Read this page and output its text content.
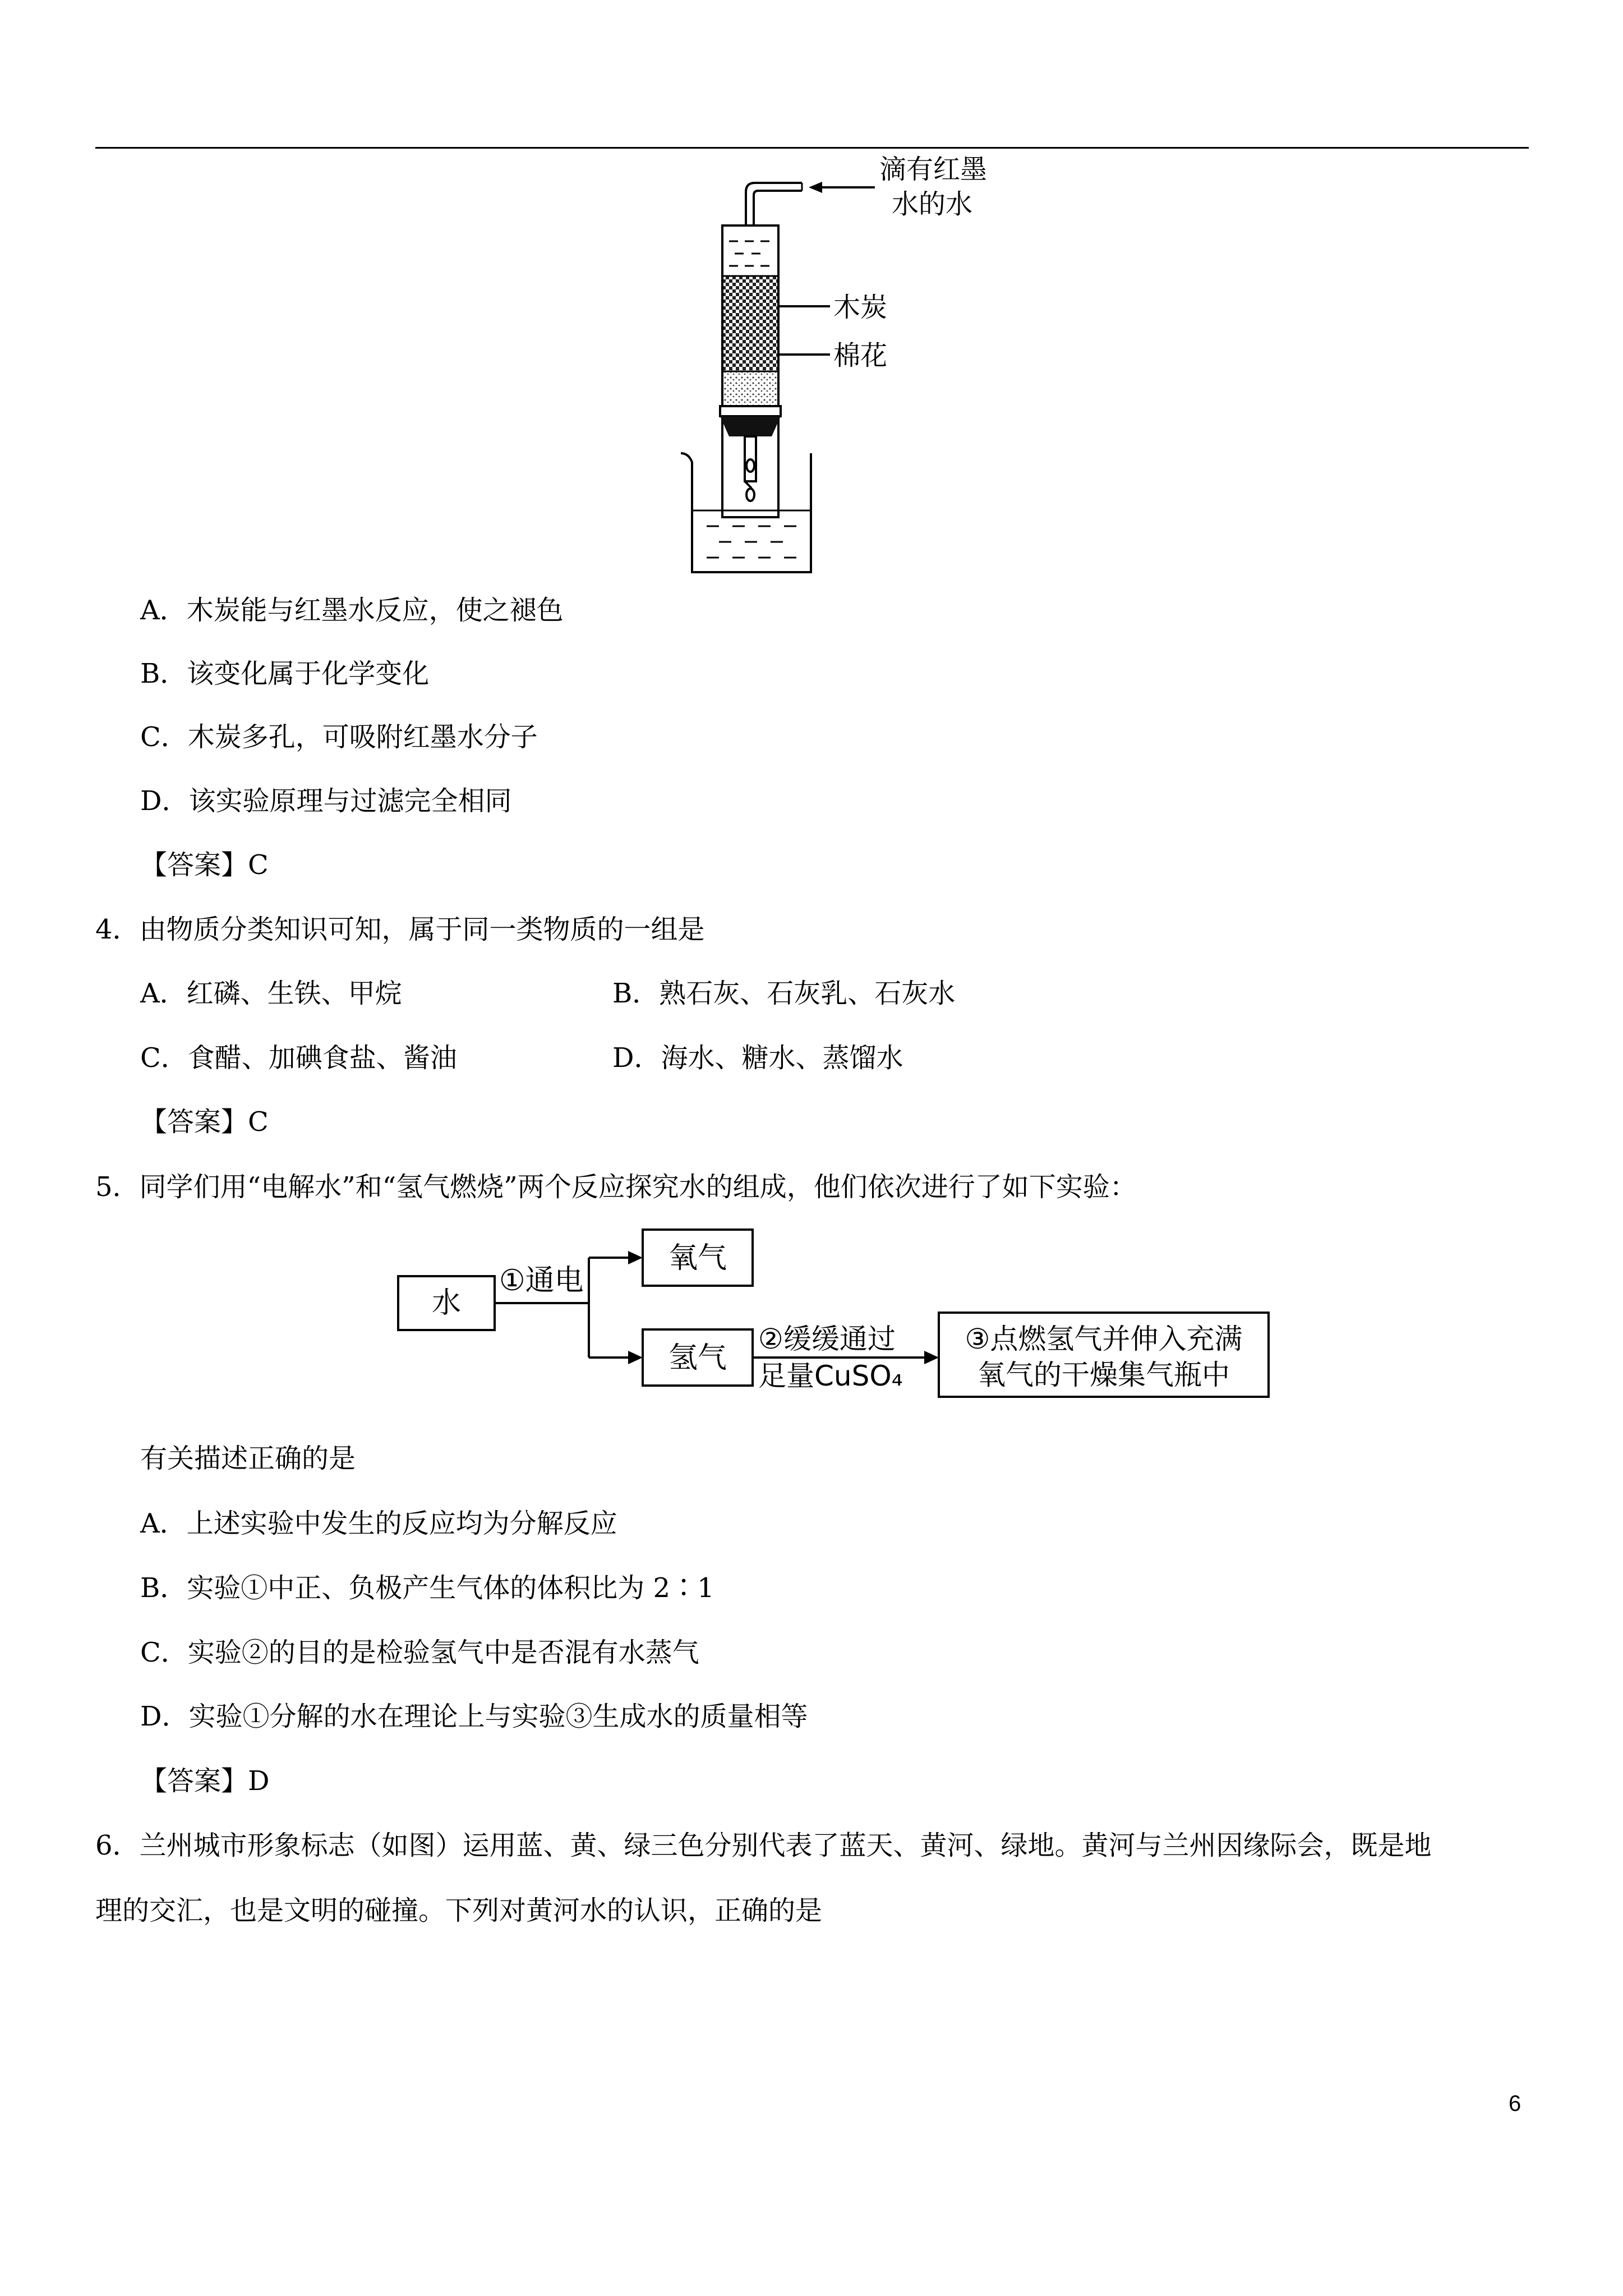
滴有红墨
水的水
木炭
棉花
A．木炭能与红墨水反应，使之褪色
B．该变化属于化学变化
C．木炭多孔，可吸附红墨水分子
D．该实验原理与过滤完全相同
【答案】C
4．由物质分类知识可知，属于同一类物质的一组是
A．红磷、生铁、甲烷	B．熟石灰、石灰乳、石灰水
C．食醋、加碘食盐、酱油	D．海水、糖水、蒸馏水
【答案】C
5．同学们用“电解水”和“氢气燃烧”两个反应探究水的组成，他们依次进行了如下实验：
水
①通电
氧气
氢气
②缓缓通过
足量CuSO₄
③点燃氢气并伸入充满
氧气的干燥集气瓶中
有关描述正确的是
A．上述实验中发生的反应均为分解反应
B．实验①中正、负极产生气体的体积比为 2∶1
C．实验②的目的是检验氢气中是否混有水蒸气
D．实验①分解的水在理论上与实验③生成水的质量相等
【答案】D
6．兰州城市形象标志（如图）运用蓝、黄、绿三色分别代表了蓝天、黄河、绿地。黄河与兰州因缘际会，既是地
理的交汇，也是文明的碰撞。下列对黄河水的认识，正确的是
6
